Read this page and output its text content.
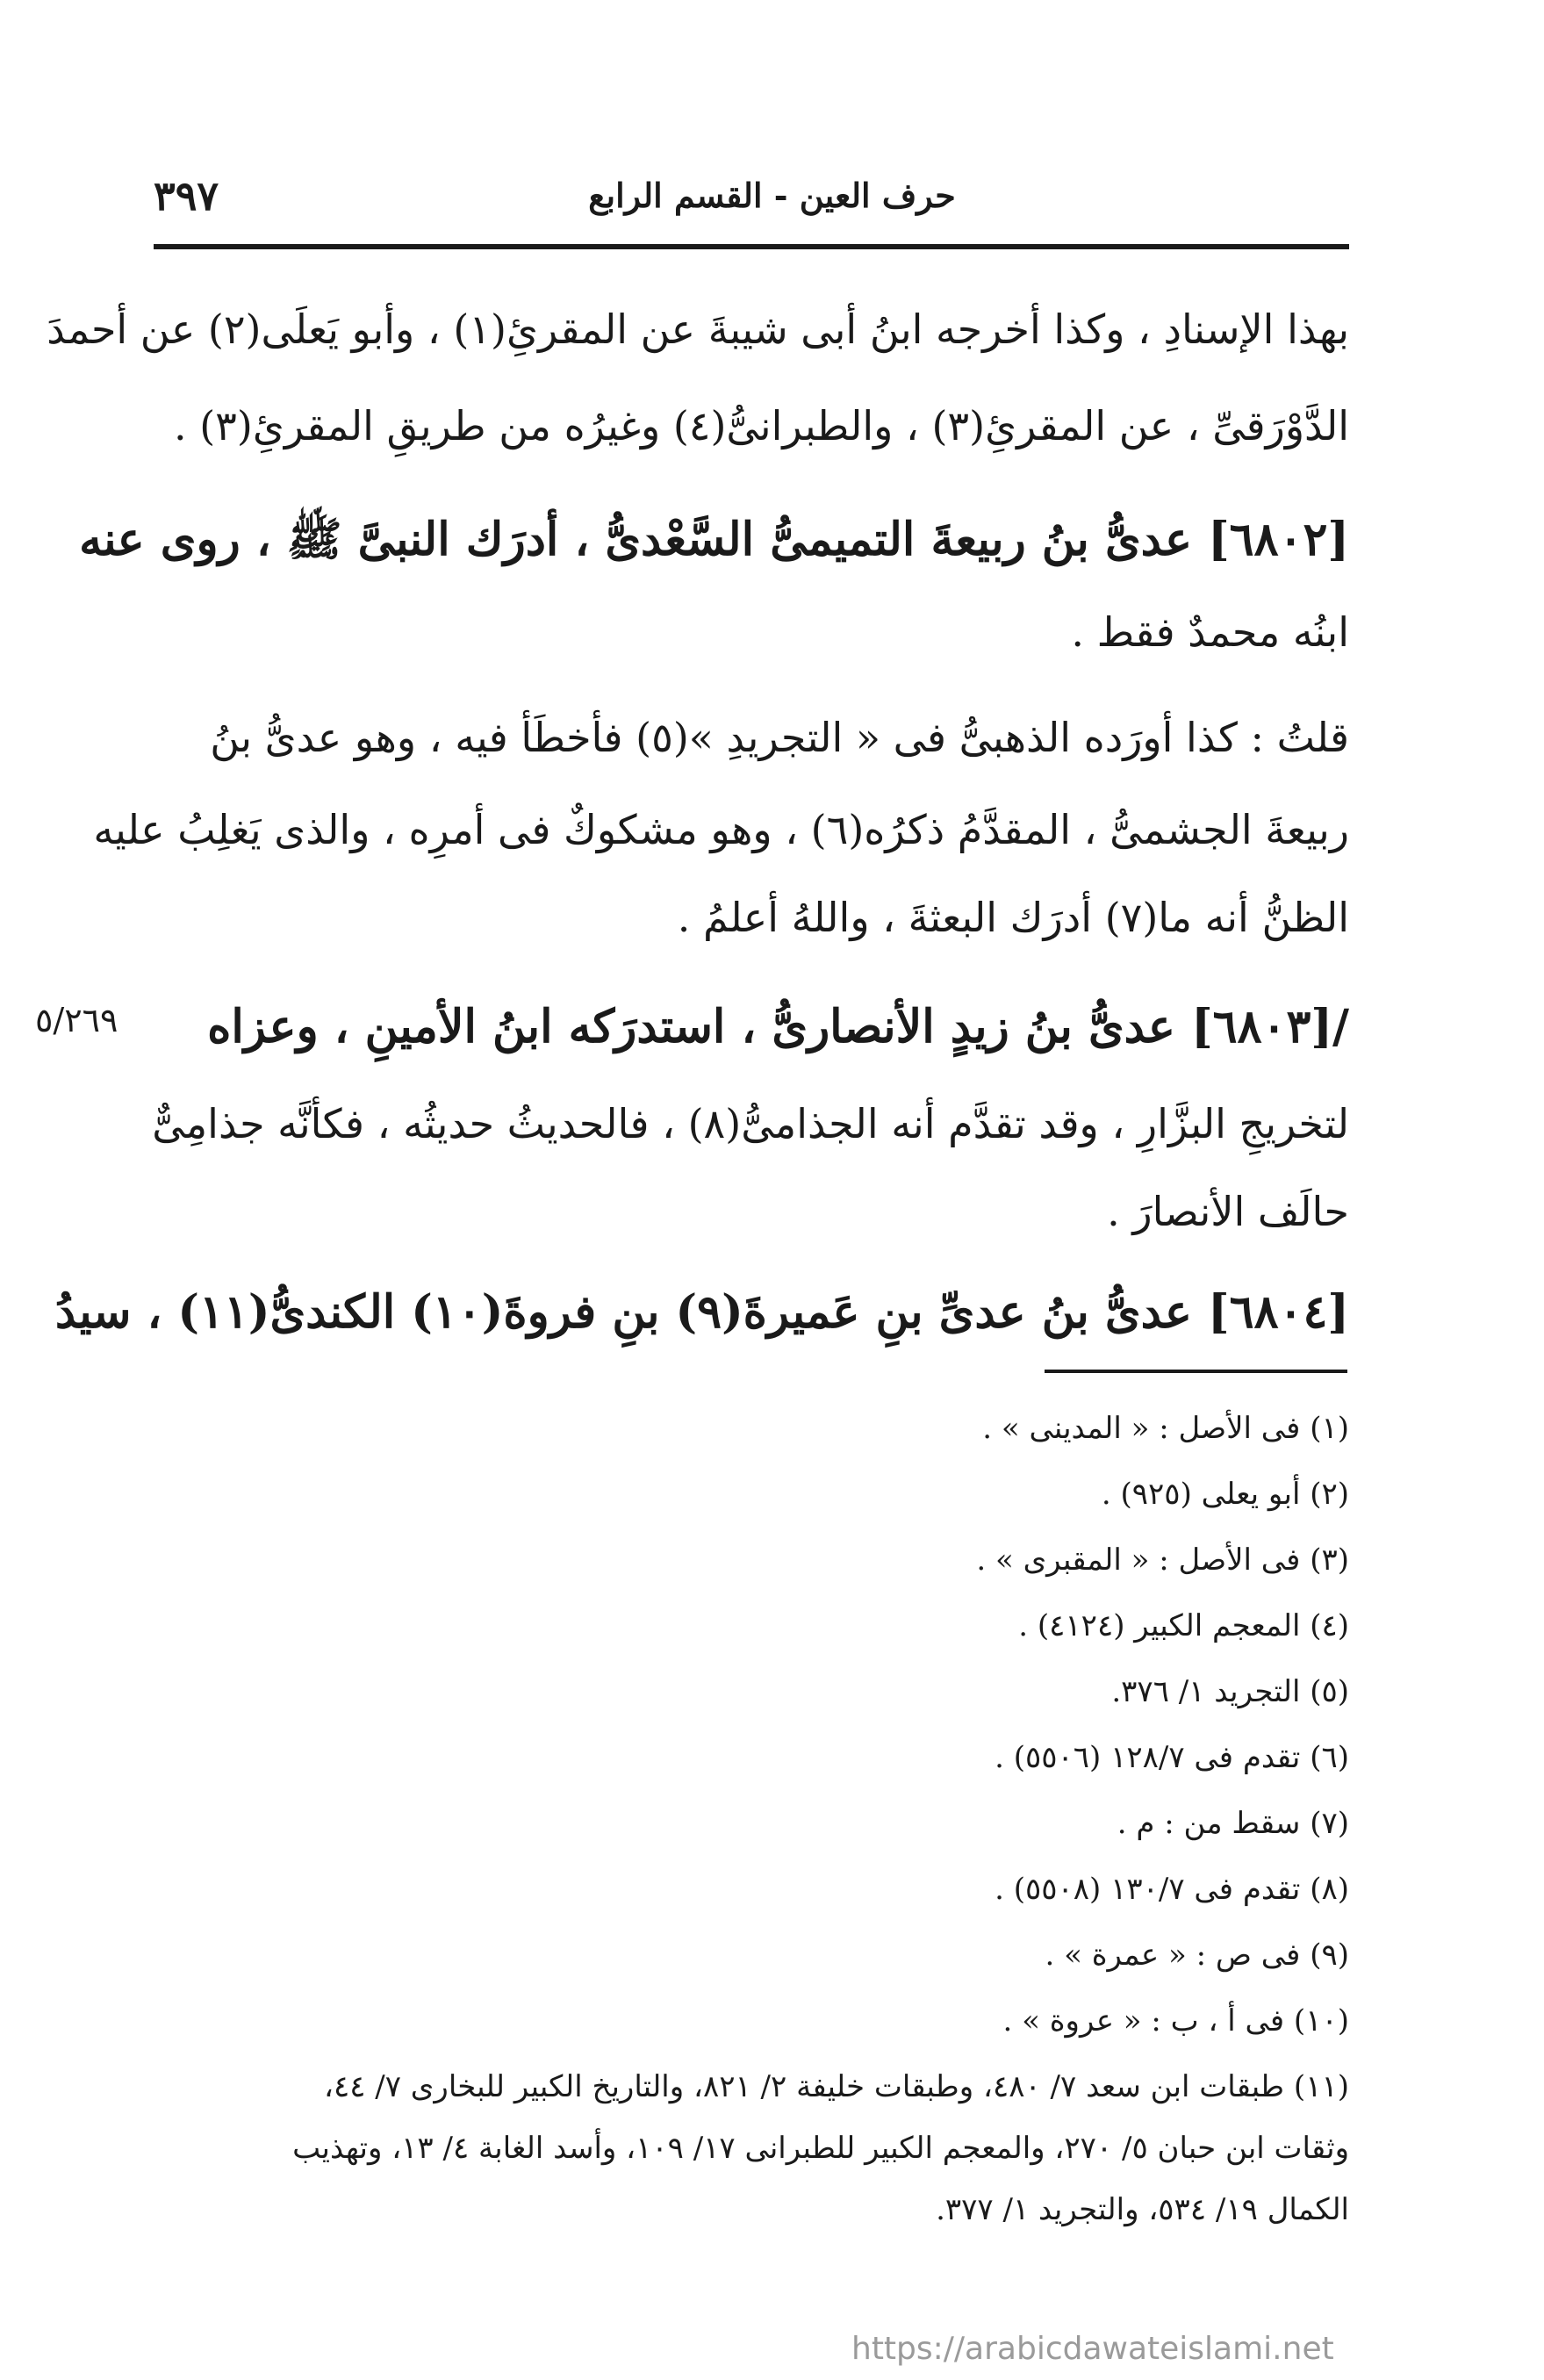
٣٩٧	حرف العين - القسم الرابع
بهذا الإسنادِ ، وكذا أخرجه ابنُ أبى شيبةَ عن المقرئِ(١) ، وأبو يَعلَى(٢) عن أحمدَ
الدَّوْرَقىِّ ، عن المقرئِ(٣) ، والطبرانىُّ(٤) وغيرُه من طريقِ المقرئِ(٣) .
[٦٨٠٢] عدىُّ بنُ ربيعةَ التميمىُّ السَّعْدىُّ ، أدرَك النبىَّ ﷺ ، روى عنه
ابنُه محمدٌ فقط .
قلتُ : كذا أورَده الذهبىُّ فى « التجريدِ »(٥) فأخطَأ فيه ، وهو عدىُّ بنُ
ربيعةَ الجشمىُّ ، المقدَّمُ ذكرُه(٦) ، وهو مشكوكٌ فى أمرِه ، والذى يَغلِبُ عليه
الظنُّ أنه ما(٧) أدرَك البعثةَ ، واللهُ أعلمُ .
/[٦٨٠٣] عدىُّ بنُ زيدٍ الأنصارىُّ ، استدرَكه ابنُ الأمينِ ، وعزاه
لتخريجِ البزَّارِ ، وقد تقدَّم أنه الجذامىُّ(٨) ، فالحديثُ حديثُه ، فكأنَّه جذامِىٌّ
حالَف الأنصارَ .
[٦٨٠٤] عدىُّ بنُ عدىِّ بنِ عَميرةَ(٩) بنِ فروةَ(١٠) الكندىُّ(١١) ، سيدُ
٥/٢٦٩
(١) فى الأصل : « المدينى » .
(٢) أبو يعلى (٩٢٥) .
(٣) فى الأصل : « المقبرى » .
(٤) المعجم الكبير (٤١٢٤) .
(٥) التجريد ١/ ٣٧٦.
(٦) تقدم فى ١٢٨/٧ (٥٥٠٦) .
(٧) سقط من : م .
(٨) تقدم فى ١٣٠/٧ (٥٥٠٨) .
(٩) فى ص : « عمرة » .
(١٠) فى أ ، ب : « عروة » .
(١١) طبقات ابن سعد ٧/ ٤٨٠، وطبقات خليفة ٢/ ٨٢١، والتاريخ الكبير للبخارى ٧/ ٤٤،
وثقات ابن حبان ٥/ ٢٧٠، والمعجم الكبير للطبرانى ١٧/ ١٠٩، وأسد الغابة ٤/ ١٣، وتهذيب
الكمال ١٩/ ٥٣٤، والتجريد ١/ ٣٧٧.
https://arabicdawateislami.net
